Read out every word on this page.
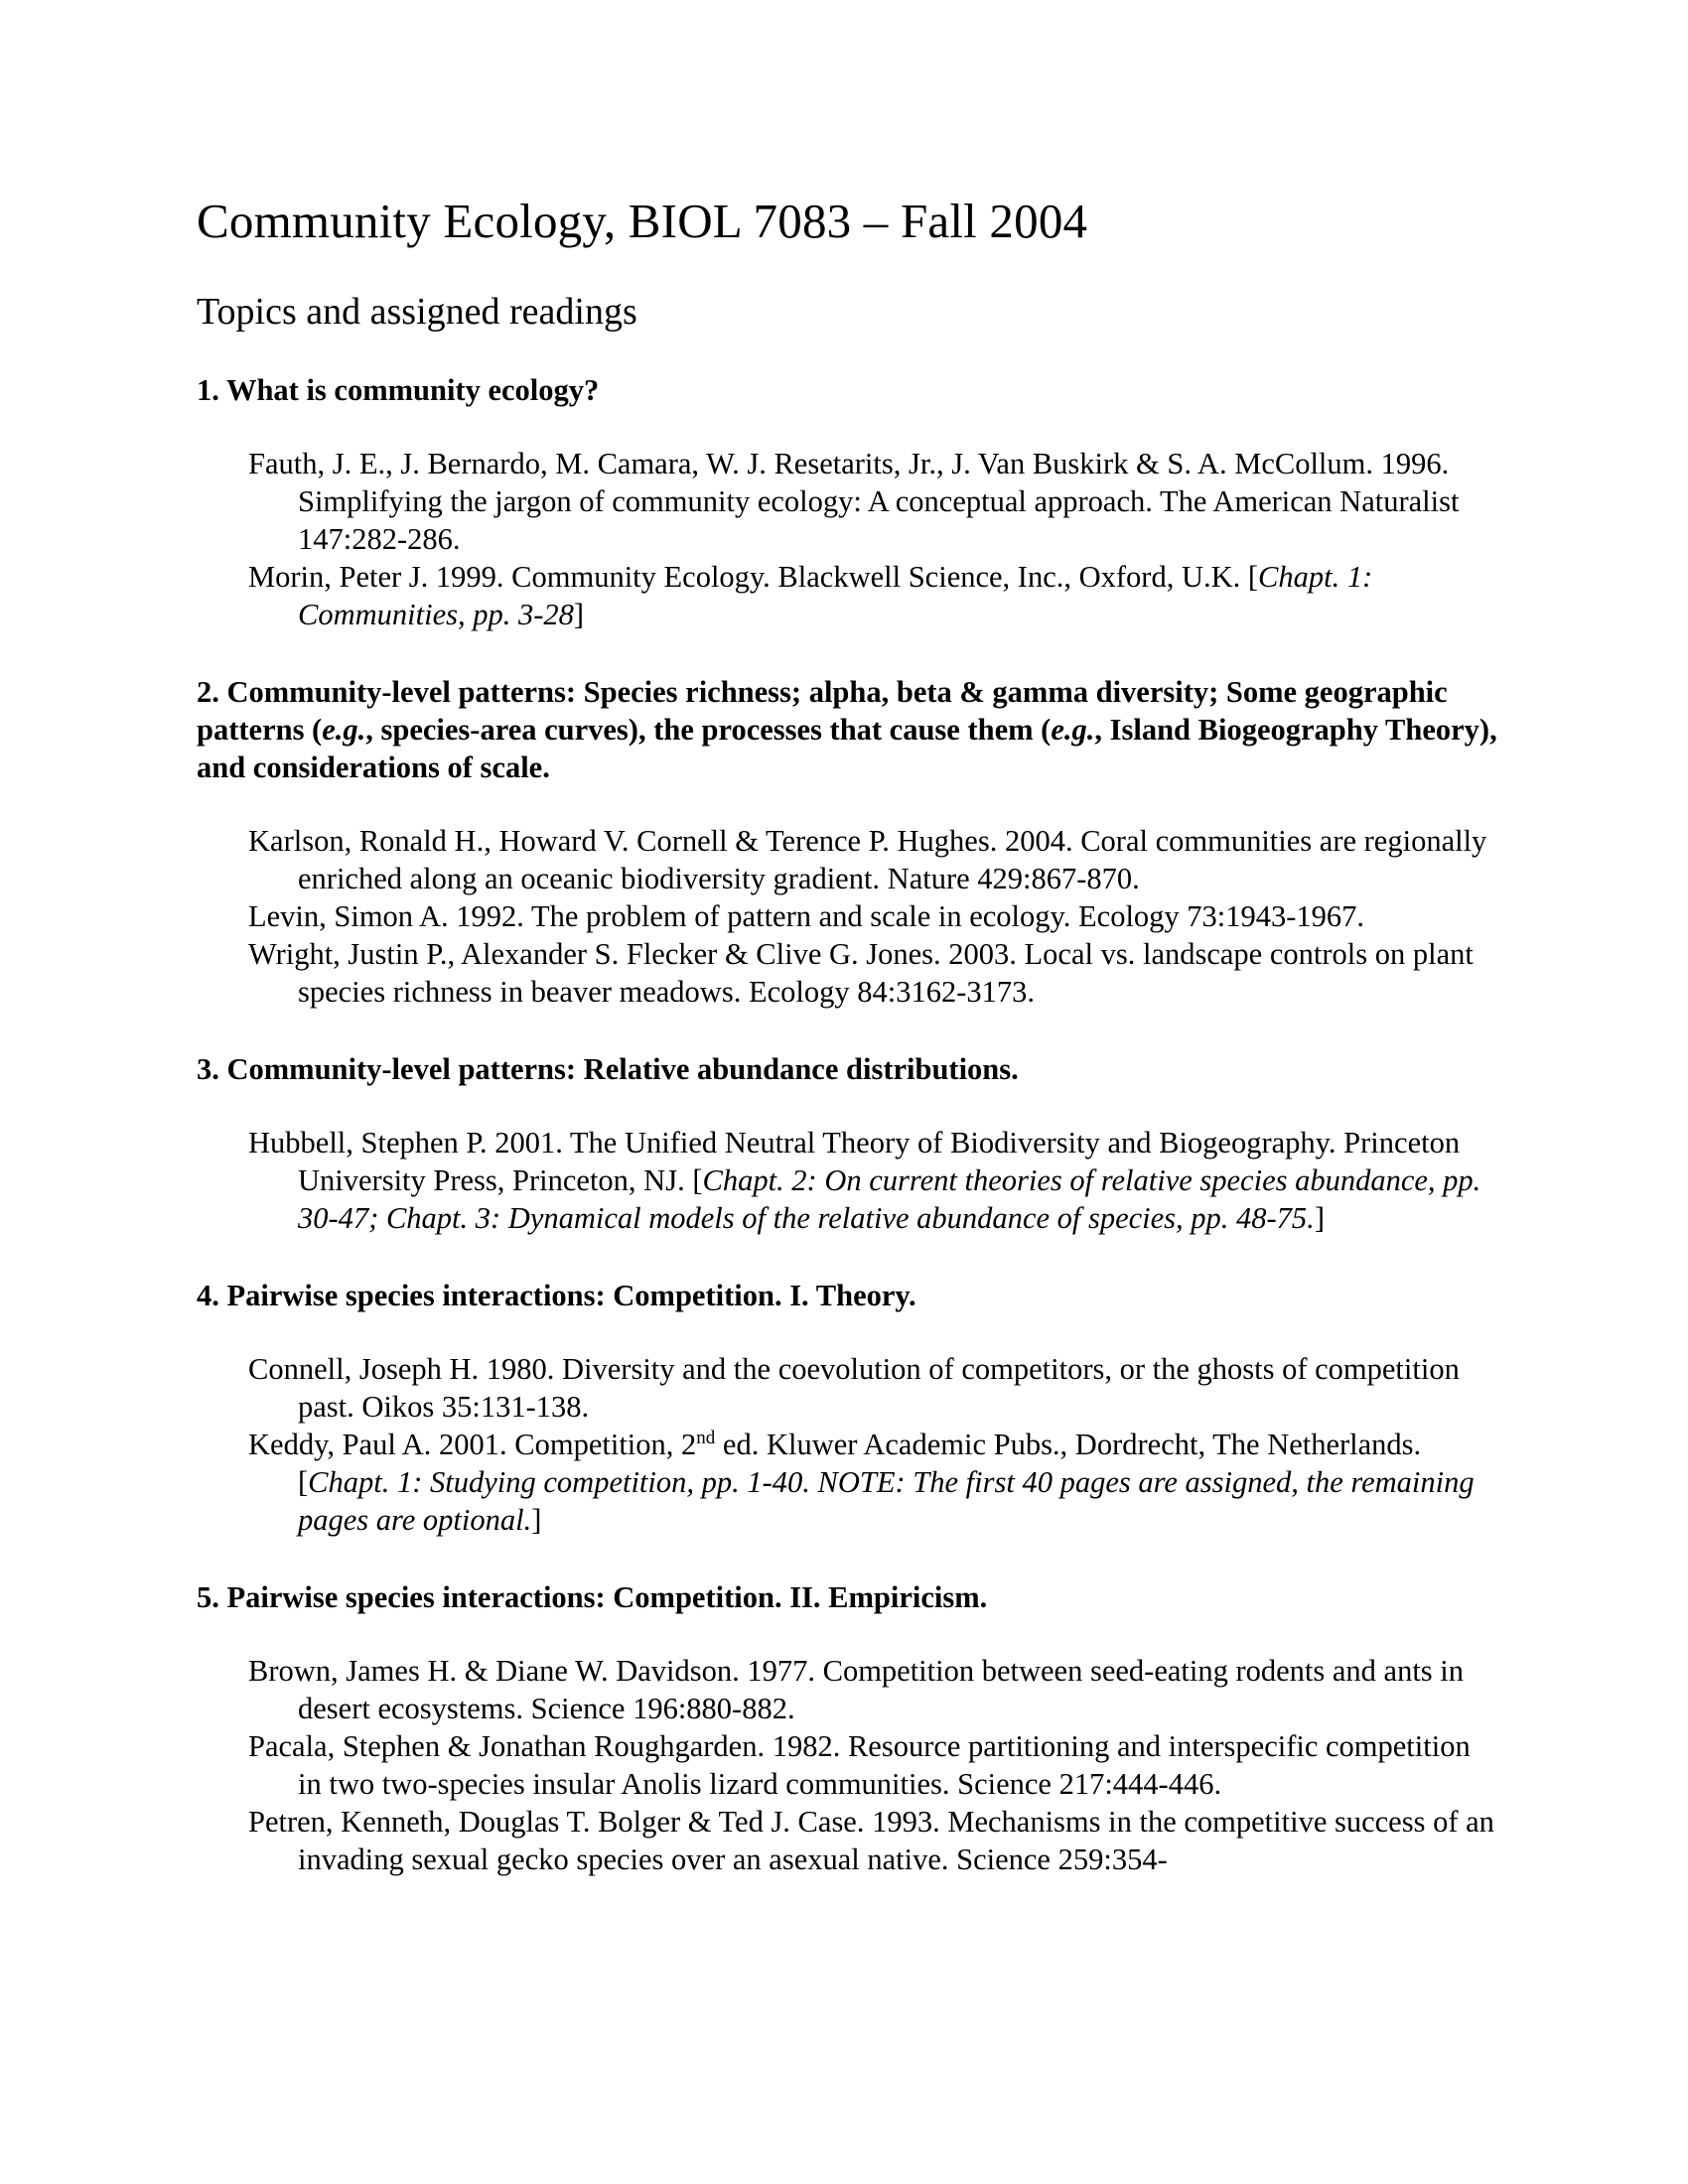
Community Ecology, BIOL 7083 – Fall 2004
Topics and assigned readings

1. What is community ecology?

Fauth, J. E., J. Bernardo, M. Camara, W. J. Resetarits, Jr., J. Van Buskirk & S. A. McCollum. 1996. Simplifying the jargon of community ecology: A conceptual approach. The American Naturalist 147:282-286.
Morin, Peter J. 1999. Community Ecology. Blackwell Science, Inc., Oxford, U.K. [Chapt. 1: Communities, pp. 3-28]

2. Community-level patterns: Species richness; alpha, beta & gamma diversity; Some geographic patterns (e.g., species-area curves), the processes that cause them (e.g., Island Biogeography Theory), and considerations of scale.

Karlson, Ronald H., Howard V. Cornell & Terence P. Hughes. 2004. Coral communities are regionally enriched along an oceanic biodiversity gradient. Nature 429:867-870.
Levin, Simon A. 1992. The problem of pattern and scale in ecology. Ecology 73:1943-1967.
Wright, Justin P., Alexander S. Flecker & Clive G. Jones. 2003. Local vs. landscape controls on plant species richness in beaver meadows. Ecology 84:3162-3173.

3. Community-level patterns: Relative abundance distributions.

Hubbell, Stephen P. 2001. The Unified Neutral Theory of Biodiversity and Biogeography. Princeton University Press, Princeton, NJ. [Chapt. 2: On current theories of relative species abundance, pp. 30-47; Chapt. 3: Dynamical models of the relative abundance of species, pp. 48-75.]

4. Pairwise species interactions: Competition. I. Theory.

Connell, Joseph H. 1980. Diversity and the coevolution of competitors, or the ghosts of competition past. Oikos 35:131-138.
Keddy, Paul A. 2001. Competition, 2nd ed. Kluwer Academic Pubs., Dordrecht, The Netherlands. [Chapt. 1: Studying competition, pp. 1-40. NOTE: The first 40 pages are assigned, the remaining pages are optional.]

5. Pairwise species interactions: Competition. II. Empiricism.

Brown, James H. & Diane W. Davidson. 1977. Competition between seed-eating rodents and ants in desert ecosystems. Science 196:880-882.
Pacala, Stephen & Jonathan Roughgarden. 1982. Resource partitioning and interspecific competition in two two-species insular Anolis lizard communities. Science 217:444-446.
Petren, Kenneth, Douglas T. Bolger & Ted J. Case. 1993. Mechanisms in the competitive success of an invading sexual gecko species over an asexual native. Science 259:354-
